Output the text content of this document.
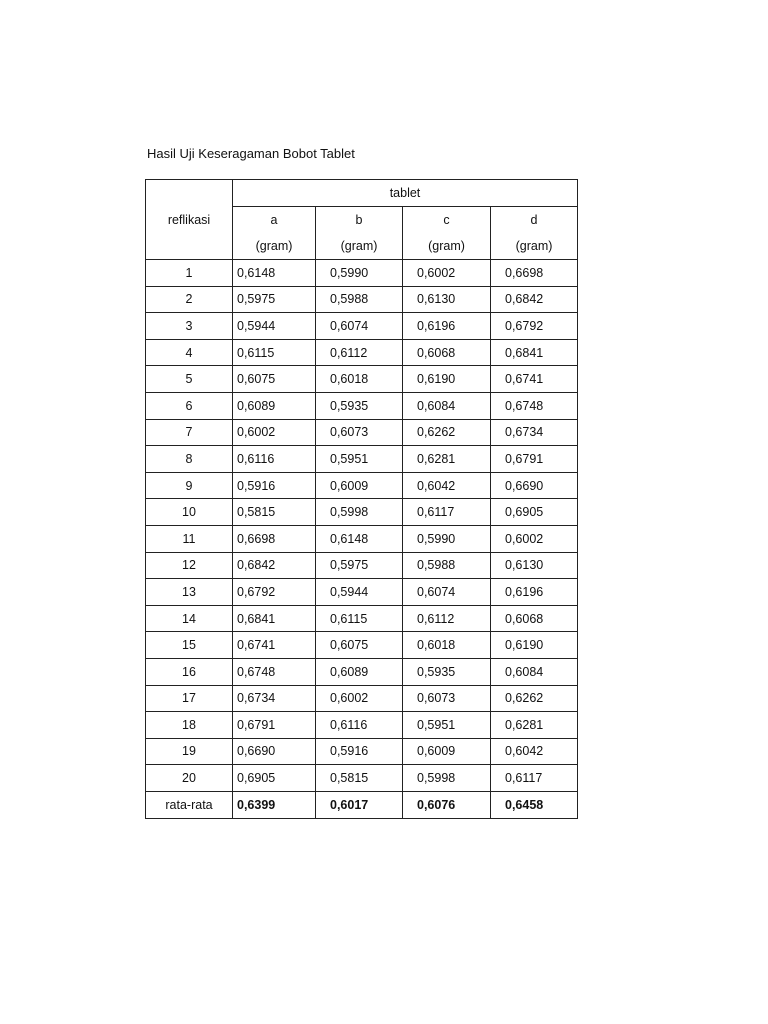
Hasil Uji Keseragaman Bobot Tablet
	tablet			
reflikasi	a	b	c	d
	(gram)	(gram)	(gram)	(gram)
1	0,6148	0,5990	0,6002	0,6698
2	0,5975	0,5988	0,6130	0,6842
3	0,5944	0,6074	0,6196	0,6792
4	0,6115	0,6112	0,6068	0,6841
5	0,6075	0,6018	0,6190	0,6741
6	0,6089	0,5935	0,6084	0,6748
7	0,6002	0,6073	0,6262	0,6734
8	0,6116	0,5951	0,6281	0,6791
9	0,5916	0,6009	0,6042	0,6690
10	0,5815	0,5998	0,6117	0,6905
11	0,6698	0,6148	0,5990	0,6002
12	0,6842	0,5975	0,5988	0,6130
13	0,6792	0,5944	0,6074	0,6196
14	0,6841	0,6115	0,6112	0,6068
15	0,6741	0,6075	0,6018	0,6190
16	0,6748	0,6089	0,5935	0,6084
17	0,6734	0,6002	0,6073	0,6262
18	0,6791	0,6116	0,5951	0,6281
19	0,6690	0,5916	0,6009	0,6042
20	0,6905	0,5815	0,5998	0,6117
rata-rata	0,6399	0,6017	0,6076	0,6458
